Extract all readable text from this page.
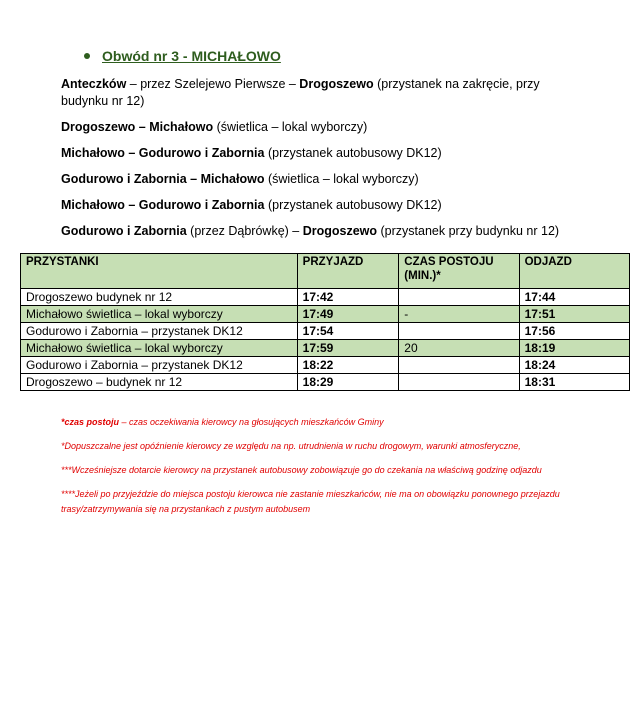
Obwód nr 3 - MICHAŁOWO

Anteczków – przez Szelejewo Pierwsze – Drogoszewo (przystanek na zakręcie, przy budynku nr 12)

Drogoszewo – Michałowo (świetlica – lokal wyborczy)

Michałowo – Godurowo i Zabornia (przystanek autobusowy DK12)

Godurowo i Zabornia – Michałowo (świetlica – lokal wyborczy)

Michałowo – Godurowo i Zabornia (przystanek autobusowy DK12)

Godurowo i Zabornia (przez Dąbrówkę) – Drogoszewo (przystanek przy budynku nr 12)

PRZYSTANKI	PRZYJAZD	CZAS POSTOJU (MIN.)*	ODJAZD
Drogoszewo budynek nr 12	17:42		17:44
Michałowo świetlica – lokal wyborczy	17:49	-	17:51
Godurowo i Zabornia – przystanek DK12	17:54		17:56
Michałowo świetlica – lokal wyborczy	17:59	20	18:19
Godurowo i Zabornia – przystanek DK12	18:22		18:24
Drogoszewo – budynek nr 12	18:29		18:31

*czas postoju – czas oczekiwania kierowcy na głosujących mieszkańców Gminy

*Dopuszczalne jest opóźnienie kierowcy ze względu na np. utrudnienia w ruchu drogowym, warunki atmosferyczne,

***Wcześniejsze dotarcie kierowcy na przystanek autobusowy zobowiązuje go do czekania na właściwą godzinę odjazdu

****Jeżeli po przyjeździe do miejsca postoju kierowca nie zastanie mieszkańców, nie ma on obowiązku ponownego przejazdu trasy/zatrzymywania się na przystankach z pustym autobusem
